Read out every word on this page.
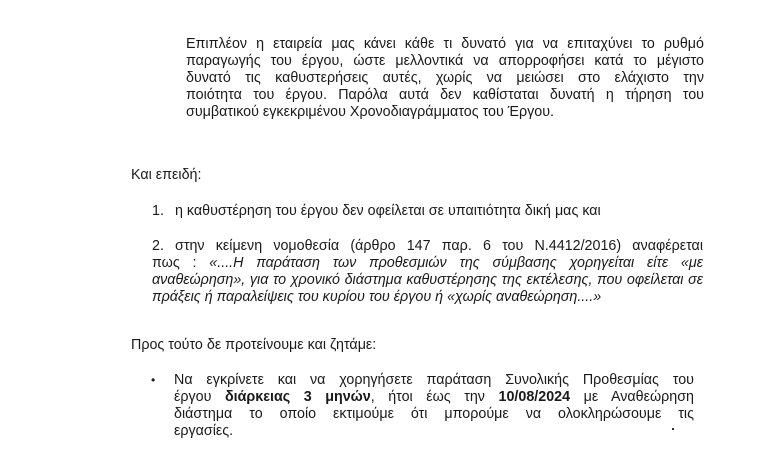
Επιπλέον η εταιρεία μας κάνει κάθε τι δυνατό για να επιταχύνει το ρυθμό
παραγωγής του έργου, ώστε μελλοντικά να απορροφήσει κατά το μέγιστο
δυνατό τις καθυστερήσεις αυτές, χωρίς να μειώσει στο ελάχιστο την
ποιότητα του έργου. Παρόλα αυτά δεν καθίσταται δυνατή η τήρηση του
συμβατικού εγκεκριμένου Χρονοδιαγράμματος του Έργου.
Και επειδή:
1. η καθυστέρηση του έργου δεν οφείλεται σε υπαιτιότητα δική μας και
2. στην κείμενη νομοθεσία (άρθρο 147 παρ. 6 του Ν.4412/2016) αναφέρεται
πως : «....Η παράταση των προθεσμιών της σύμβασης χορηγείται είτε «με
αναθεώρηση», για το χρονικό διάστημα καθυστέρησης της εκτέλεσης, που οφείλεται σε
πράξεις ή παραλείψεις του κυρίου του έργου ή «χωρίς αναθεώρηση....»
Προς τούτο δε προτείνουμε και ζητάμε:
• Να εγκρίνετε και να χορηγήσετε παράταση Συνολικής Προθεσμίας του
έργου διάρκειας 3 μηνών, ήτοι έως την 10/08/2024 με Αναθεώρηση
διάστημα το οποίο εκτιμούμε ότι μπορούμε να ολοκληρώσουμε τις
εργασίες.
